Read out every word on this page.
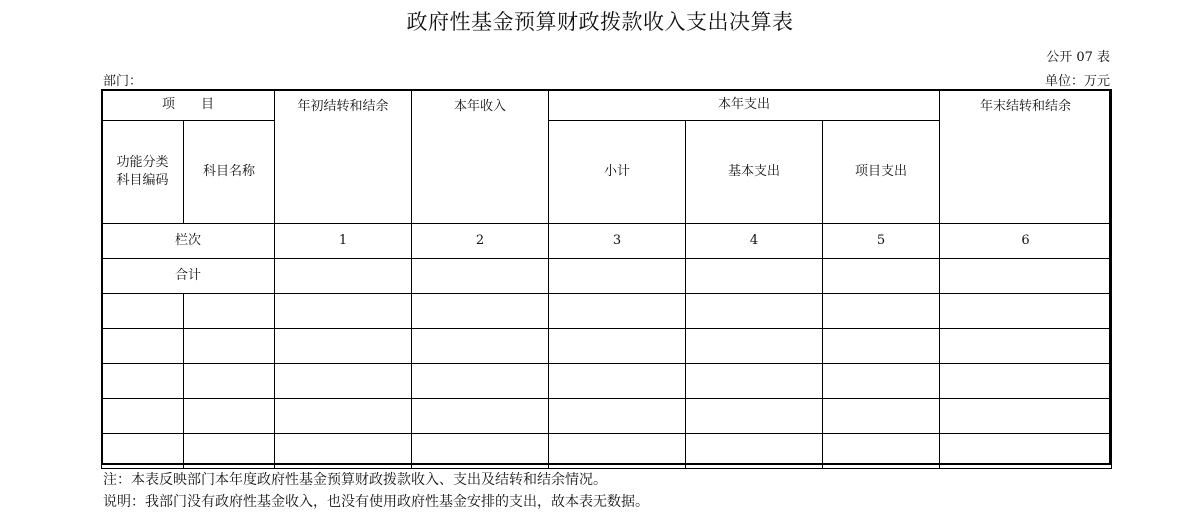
政府性基金预算财政拨款收入支出决算表
公开 07 表
部门：	单位：万元
项　　目		年初结转和结余	本年收入	本年支出			年末结转和结余

功能分类
科目编码	科目名称			小计	基本支出	项目支出	
栏次		1	2	3	4	5	6
合计							

注：本表反映部门本年度政府性基金预算财政拨款收入、支出及结转和结余情况。
说明：我部门没有政府性基金收入，也没有使用政府性基金安排的支出，故本表无数据。
